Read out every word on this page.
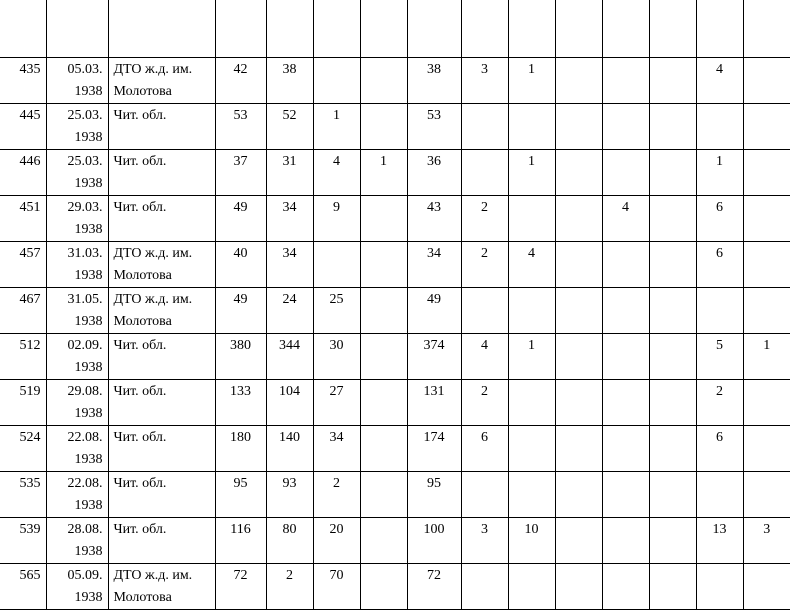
435	05.03. 1938	ДТО ж.д. им. Молотова	42	38			38	3	1				4	
445	25.03. 1938	Чит. обл.	53	52	1		53							
446	25.03. 1938	Чит. обл.	37	31	4	1	36		1				1	
451	29.03. 1938	Чит. обл.	49	34	9		43	2			4		6	
457	31.03. 1938	ДТО ж.д. им. Молотова	40	34			34	2	4				6	
467	31.05. 1938	ДТО ж.д. им. Молотова	49	24	25		49							
512	02.09. 1938	Чит. обл.	380	344	30		374	4	1				5	1
519	29.08. 1938	Чит. обл.	133	104	27		131	2					2	
524	22.08. 1938	Чит. обл.	180	140	34		174	6					6	
535	22.08. 1938	Чит. обл.	95	93	2		95							
539	28.08. 1938	Чит. обл.	116	80	20		100	3	10				13	3
565	05.09. 1938	ДТО ж.д. им. Молотова	72	2	70		72							
